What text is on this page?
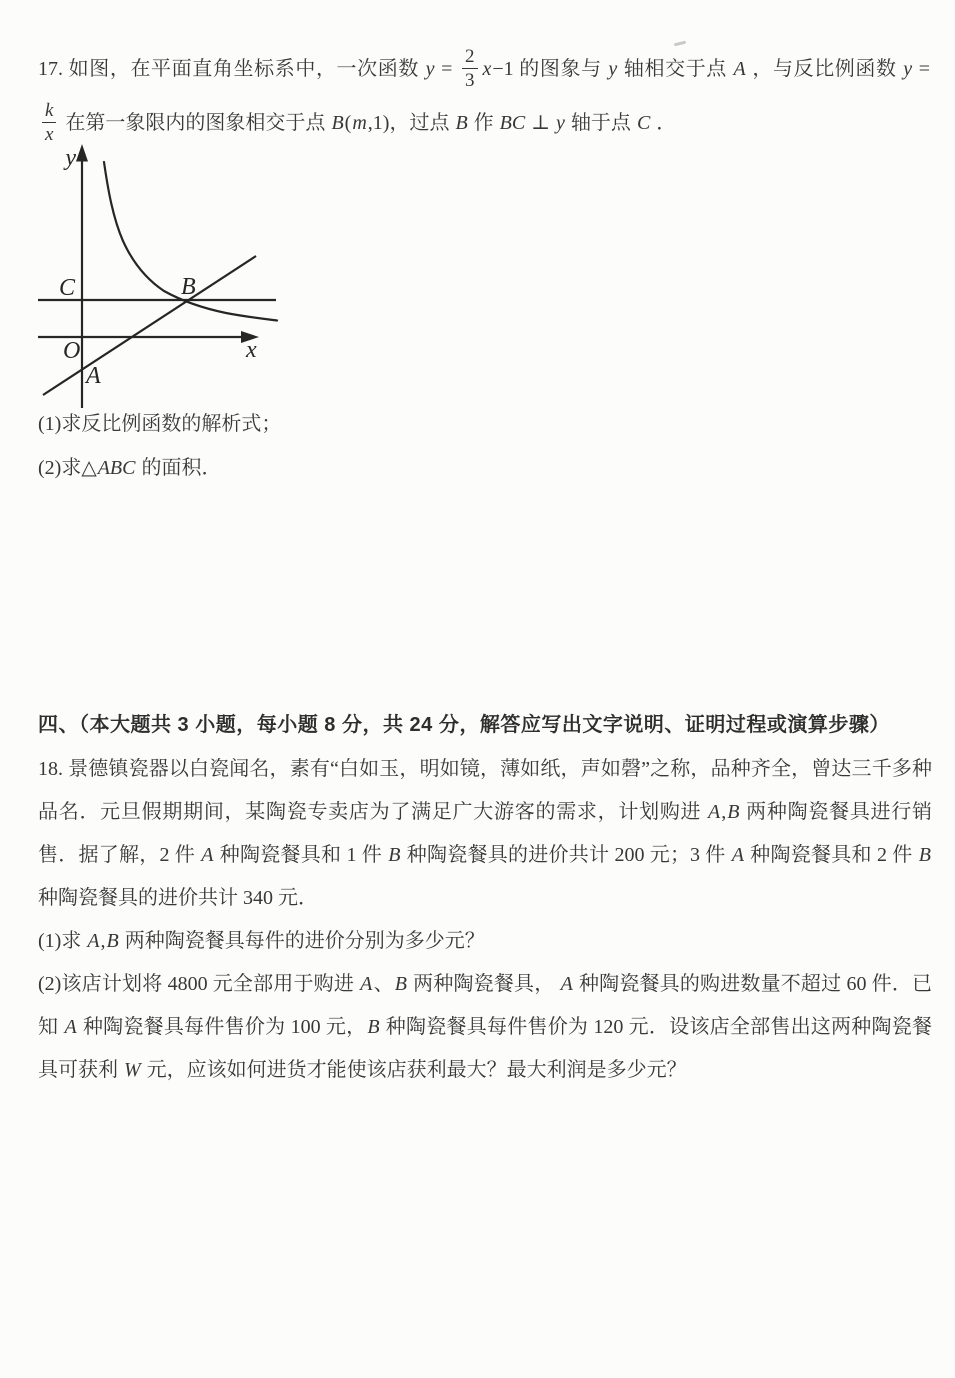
17. 如图，在平面直角坐标系中，一次函数 $y = \frac{2}{3} x-1$ 的图象与 y 轴相交于点 A ，与反比例函数 y =
$\frac{k}{x}$ 在第一象限内的图象相交于点 B(m,1)，过点 B 作 BC ⊥ y 轴于点 C ．

y
x
O
A
B
C

(1)求反比例函数的解析式；

(2)求△ABC 的面积．

四、（本大题共 3 小题，每小题 8 分，共 24 分，解答应写出文字说明、证明过程或演算步骤）

18. 景德镇瓷器以白瓷闻名，素有“白如玉，明如镜，薄如纸，声如磬”之称，品种齐全，曾达三千多种品名．元旦假期期间，某陶瓷专卖店为了满足广大游客的需求，计划购进 A,B 两种陶瓷餐具进行销售．据了解，2 件 A 种陶瓷餐具和 1 件 B 种陶瓷餐具的进价共计 200 元；3 件 A 种陶瓷餐具和 2 件 B 种陶瓷餐具的进价共计 340 元．

(1)求 A,B 两种陶瓷餐具每件的进价分别为多少元？

(2)该店计划将 4800 元全部用于购进 A、B 两种陶瓷餐具， A 种陶瓷餐具的购进数量不超过 60 件．已知 A 种陶瓷餐具每件售价为 100 元，B 种陶瓷餐具每件售价为 120 元．设该店全部售出这两种陶瓷餐具可获利 W 元，应该如何进货才能使该店获利最大？最大利润是多少元？
